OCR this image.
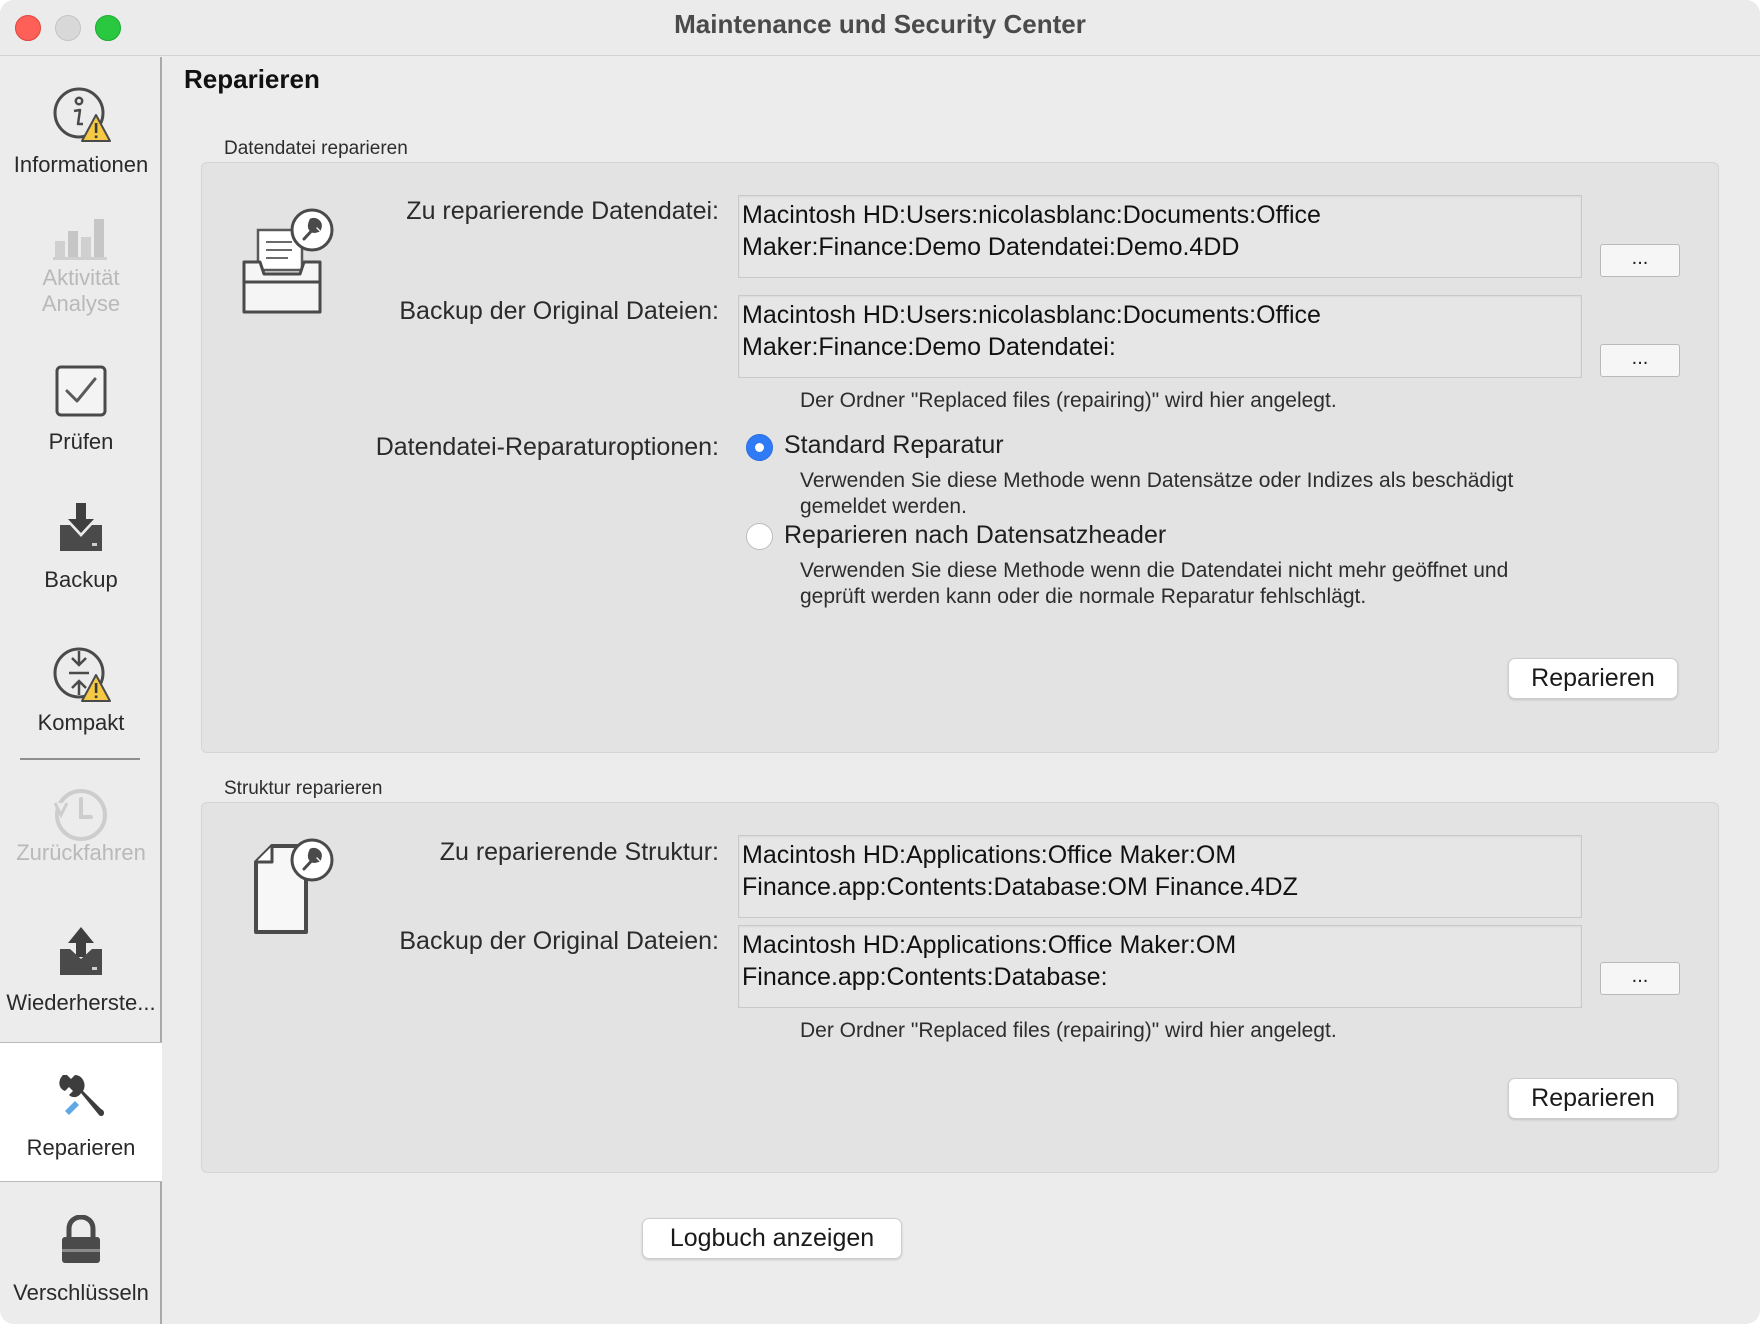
Maintenance und Security Center
Informationen
Aktivität
Analyse
Prüfen
Backup
Kompakt
Zurückfahren
Wiederherste...
Reparieren
Verschlüsseln
Reparieren
Datendatei reparieren
Zu reparierende Datendatei: Macintosh HD:Users:nicolasblanc:Documents:Office
Maker:Finance:Demo Datendatei:Demo.4DD	...
Backup der Original Dateien: Macintosh HD:Users:nicolasblanc:Documents:Office
Maker:Finance:Demo Datendatei:	...
Der Ordner "Replaced files (repairing)" wird hier angelegt.
Datendatei-Reparaturoptionen:	Standard Reparatur
Verwenden Sie diese Methode wenn Datensätze oder Indizes als beschädigt
gemeldet werden.
Reparieren nach Datensatzheader
Verwenden Sie diese Methode wenn die Datendatei nicht mehr geöffnet und
geprüft werden kann oder die normale Reparatur fehlschlägt.
Reparieren
Struktur reparieren
Zu reparierende Struktur: Macintosh HD:Applications:Office Maker:OM
Finance.app:Contents:Database:OM Finance.4DZ
Backup der Original Dateien: Macintosh HD:Applications:Office Maker:OM
Finance.app:Contents:Database:	...
Der Ordner "Replaced files (repairing)" wird hier angelegt.
Reparieren
Logbuch anzeigen
